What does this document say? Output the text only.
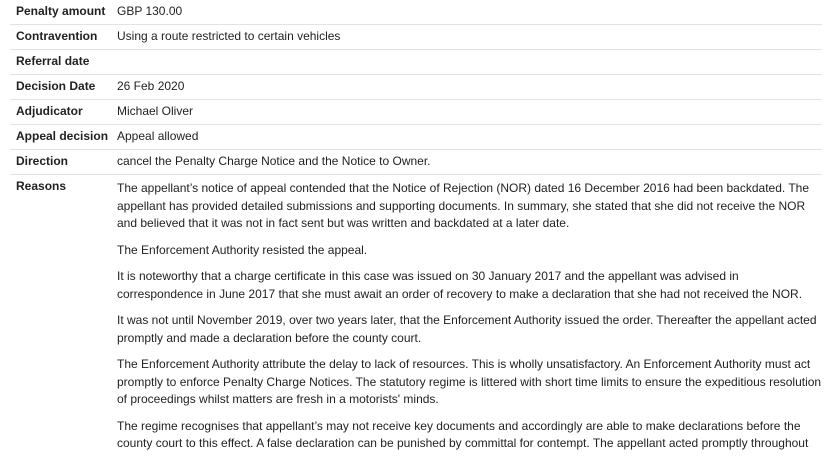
Penalty amount GBP 130.00
Contravention	Using a route restricted to certain vehicles
Referral date
Decision Date	26 Feb 2020
Adjudicator	Michael Oliver
Appeal decision Appeal allowed
Direction	cancel the Penalty Charge Notice and the Notice to Owner.
Reasons	The appellant’s notice of appeal contended that the Notice of Rejection (NOR) dated 16 December 2016 had been backdated. The appellant has provided detailed submissions and supporting documents. In summary, she stated that she did not receive the NOR and believed that it was not in fact sent but was written and backdated at a later date.

The Enforcement Authority resisted the appeal.

It is noteworthy that a charge certificate in this case was issued on 30 January 2017 and the appellant was advised in correspondence in June 2017 that she must await an order of recovery to make a declaration that she had not received the NOR.

It was not until November 2019, over two years later, that the Enforcement Authority issued the order. Thereafter the appellant acted promptly and made a declaration before the county court.

The Enforcement Authority attribute the delay to lack of resources. This is wholly unsatisfactory. An Enforcement Authority must act promptly to enforce Penalty Charge Notices. The statutory regime is littered with short time limits to ensure the expeditious resolution of proceedings whilst matters are fresh in a motorists' minds.

The regime recognises that appellant’s may not receive key documents and accordingly are able to make declarations before the county court to this effect. A false declaration can be punished by committal for contempt. The appellant acted promptly throughout
